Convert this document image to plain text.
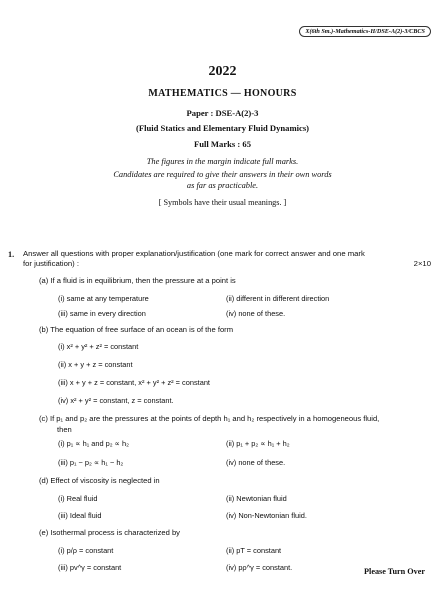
X(6th Sm.)-Mathematics-H/DSE-A(2)-3/CBCS
2022
MATHEMATICS — HONOURS
Paper : DSE-A(2)-3
(Fluid Statics and Elementary Fluid Dynamics)
Full Marks : 65
The figures in the margin indicate full marks.
Candidates are required to give their answers in their own words
as far as practicable.
[ Symbols have their usual meanings. ]
1. Answer all questions with proper explanation/justification (one mark for correct answer and one mark
for justification) :	2×10
(a) If a fluid is in equilibrium, then the pressure at a point is
(i) same at any temperature	(ii) different in different direction
(iii) same in every direction	(iv) none of these.
(b) The equation of free surface of an ocean is of the form
(i) x² + y² + z² = constant
(ii) x + y + z = constant
(iii) x + y + z = constant, x² + y² + z² = constant
(iv) x² + y² = constant, z = constant.
(c) If p₁ and p₂ are the pressures at the points of depth h₁ and h₂ respectively in a homogeneous fluid,
then
(i) p₁ ∝ h₁ and p₂ ∝ h₂	(ii) p₁ + p₂ ∝ h₁ + h₂
(iii) p₁ − p₂ ∝ h₁ − h₂	(iv) none of these.
(d) Effect of viscosity is neglected in
(i) Real fluid	(ii) Newtonian fluid
(iii) Ideal fluid	(iv) Non-Newtonian fluid.
(e) Isothermal process is characterized by
(i) p/ρ = constant	(ii) pT = constant
(iii) pv^γ = constant	(iv) pρ^γ = constant.	Please Turn Over
